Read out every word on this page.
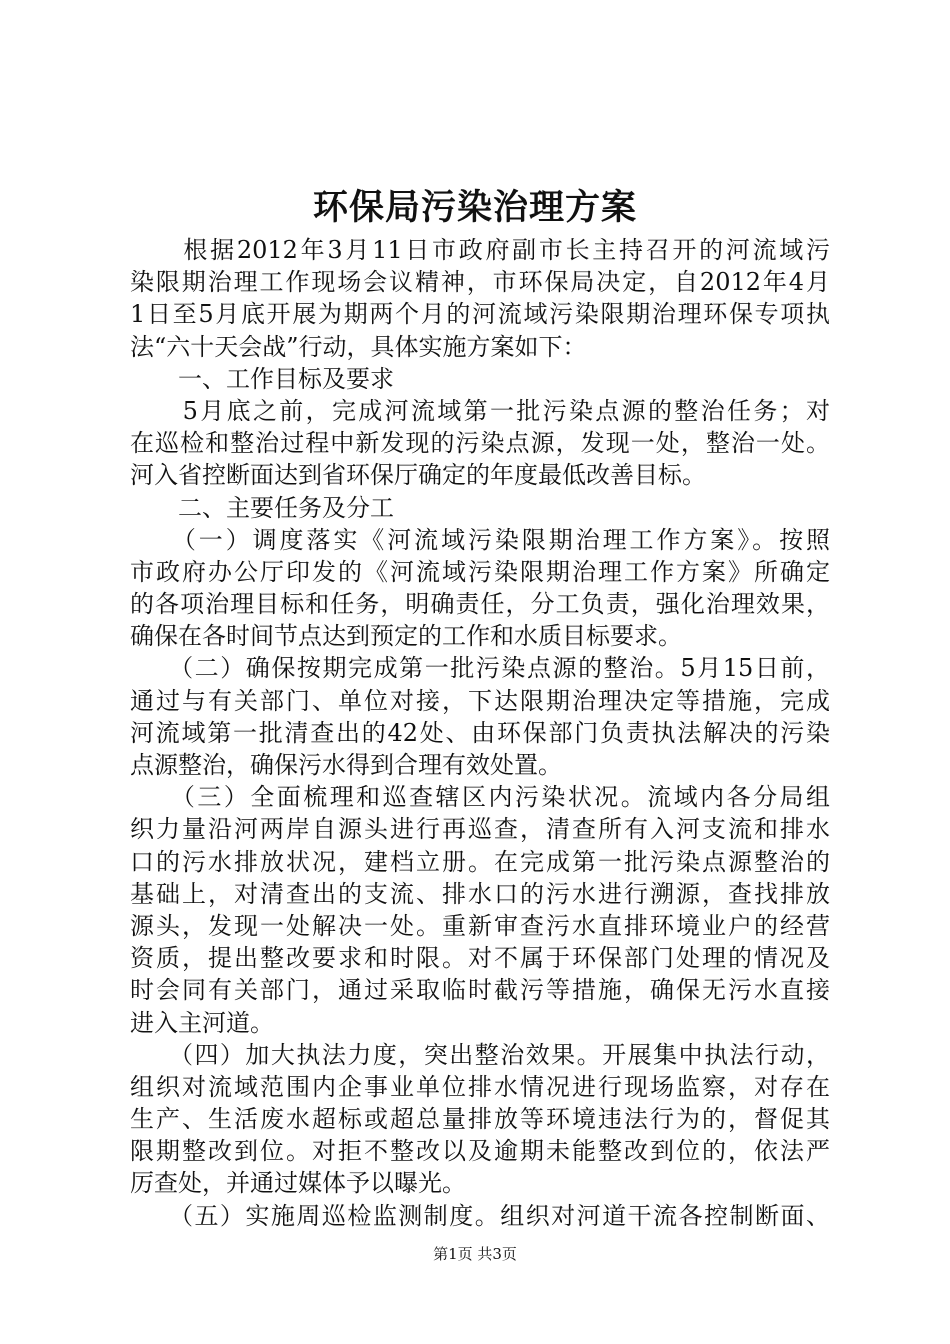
环保局污染治理方案
　　根据2012年3月11日市政府副市长主持召开的河流域污
染限期治理工作现场会议精神，市环保局决定，自2012年4月
1日至5月底开展为期两个月的河流域污染限期治理环保专项执
法“六十天会战”行动，具体实施方案如下：
　　一、工作目标及要求
　　5月底之前，完成河流域第一批污染点源的整治任务；对
在巡检和整治过程中新发现的污染点源，发现一处，整治一处。
河入省控断面达到省环保厅确定的年度最低改善目标。
　　二、主要任务及分工
　　（一）调度落实《河流域污染限期治理工作方案》。按照
市政府办公厅印发的《河流域污染限期治理工作方案》所确定
的各项治理目标和任务，明确责任，分工负责，强化治理效果，
确保在各时间节点达到预定的工作和水质目标要求。
　　（二）确保按期完成第一批污染点源的整治。5月15日前，
通过与有关部门、单位对接，下达限期治理决定等措施，完成
河流域第一批清查出的42处、由环保部门负责执法解决的污染
点源整治，确保污水得到合理有效处置。
　　（三）全面梳理和巡查辖区内污染状况。流域内各分局组
织力量沿河两岸自源头进行再巡查，清查所有入河支流和排水
口的污水排放状况，建档立册。在完成第一批污染点源整治的
基础上，对清查出的支流、排水口的污水进行溯源，查找排放
源头，发现一处解决一处。重新审查污水直排环境业户的经营
资质，提出整改要求和时限。对不属于环保部门处理的情况及
时会同有关部门，通过采取临时截污等措施，确保无污水直接
进入主河道。
　　（四）加大执法力度，突出整治效果。开展集中执法行动，
组织对流域范围内企事业单位排水情况进行现场监察，对存在
生产、生活废水超标或超总量排放等环境违法行为的，督促其
限期整改到位。对拒不整改以及逾期未能整改到位的，依法严
厉查处，并通过媒体予以曝光。
　　（五）实施周巡检监测制度。组织对河道干流各控制断面、
第1页 共3页
